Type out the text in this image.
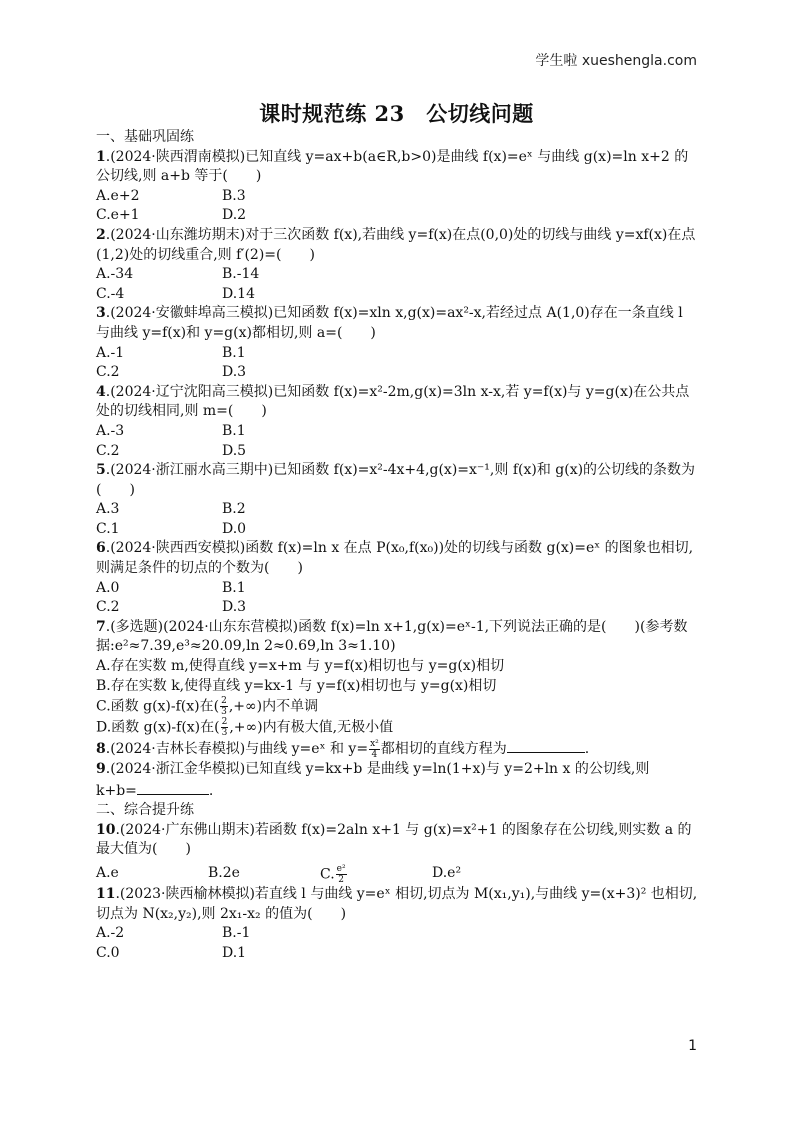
学生啦 xueshengla.com
课时规范练 23　公切线问题

一、基础巩固练

1.(2024·陕西渭南模拟)已知直线 y=ax+b(a∈R,b>0)是曲线 f(x)=eˣ 与曲线 g(x)=ln x+2 的公切线,则 a+b 等于(　　)

A.e+2	B.3
C.e+1	D.2

2.(2024·山东潍坊期末)对于三次函数 f(x),若曲线 y=f(x)在点(0,0)处的切线与曲线 y=xf(x)在点(1,2)处的切线重合,则 f′(2)=(　　)

A.-34	B.-14
C.-4	D.14

3.(2024·安徽蚌埠高三模拟)已知函数 f(x)=xln x,g(x)=ax²-x,若经过点 A(1,0)存在一条直线 l 与曲线 y=f(x)和 y=g(x)都相切,则 a=(　　)

A.-1	B.1
C.2	D.3

4.(2024·辽宁沈阳高三模拟)已知函数 f(x)=x²-2m,g(x)=3ln x-x,若 y=f(x)与 y=g(x)在公共点处的切线相同,则 m=(　　)

A.-3	B.1
C.2	D.5

5.(2024·浙江丽水高三期中)已知函数 f(x)=x²-4x+4,g(x)=x⁻¹,则 f(x)和 g(x)的公切线的条数为(　　)

A.3	B.2
C.1	D.0

6.(2024·陕西西安模拟)函数 f(x)=ln x 在点 P(x₀,f(x₀))处的切线与函数 g(x)=eˣ 的图象也相切,则满足条件的切点的个数为(　　)

A.0	B.1
C.2	D.3

7.(多选题)(2024·山东东营模拟)函数 f(x)=ln x+1,g(x)=eˣ-1,下列说法正确的是(　　)(参考数据:e²≈7.39,e³≈20.09,ln 2≈0.69,ln 3≈1.10)

A.存在实数 m,使得直线 y=x+m 与 y=f(x)相切也与 y=g(x)相切

B.存在实数 k,使得直线 y=kx-1 与 y=f(x)相切也与 y=g(x)相切

C.函数 g(x)-f(x)在( $\frac{2}{3}$ ,+∞)内不单调

D.函数 g(x)-f(x)在( $\frac{2}{3}$ ,+∞)内有极大值,无极小值

8.(2024·吉林长春模拟)与曲线 y=eˣ 和 $y= \frac{\text{x²}}{4}$ 都相切的直线方程为	.

9.(2024·浙江金华模拟)已知直线 y=kx+b 是曲线 y=ln(1+x)与 y=2+ln x 的公切线,则

k+b=	.

二、综合提升练

10.(2024·广东佛山期末)若函数 f(x)=2aln x+1 与 g(x)=x²+1 的图象存在公切线,则实数 a 的最大值为(　　)

A.e	B.2e	C. $\frac{\text{e²}}{2}$	D.e²

11.(2023·陕西榆林模拟)若直线 l 与曲线 y=eˣ 相切,切点为 M(x₁,y₁),与曲线 y=(x+3)² 也相切,切点为 N(x₂,y₂),则 2x₁-x₂ 的值为(　　)

A.-2	B.-1
C.0	D.1
1
